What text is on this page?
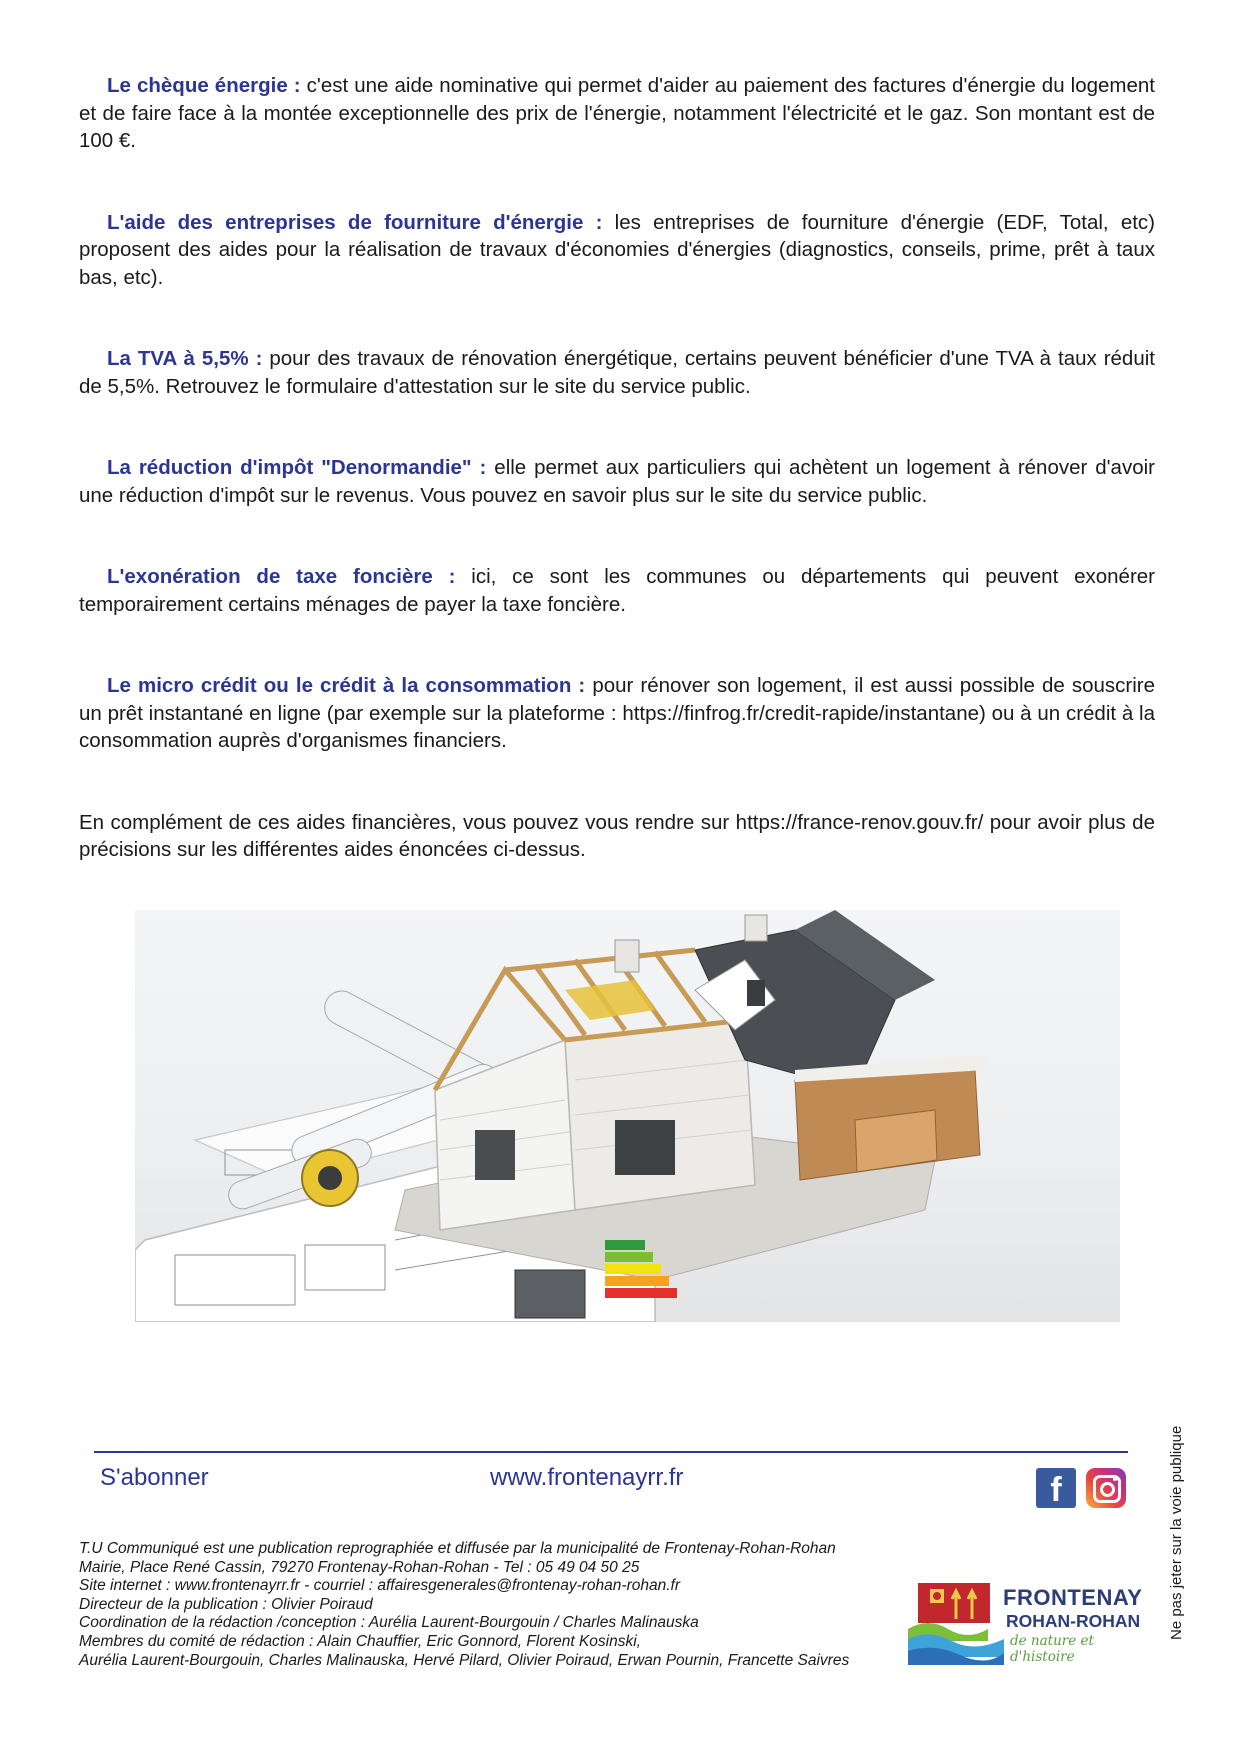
Le chèque énergie : c'est une aide nominative qui permet d'aider au paiement des factures d'énergie du logement et de faire face à la montée exceptionnelle des prix de l'énergie, notamment l'électricité et le gaz. Son montant est de 100 €.

L'aide des entreprises de fourniture d'énergie : les entreprises de fourniture d'énergie (EDF, Total, etc) proposent des aides pour la réalisation de travaux d'économies d'énergies (diagnostics, conseils, prime, prêt à taux bas, etc).

La TVA à 5,5% : pour des travaux de rénovation énergétique, certains peuvent bénéficier d'une TVA à taux réduit de 5,5%. Retrouvez le formulaire d'attestation sur le site du service public.

La réduction d'impôt "Denormandie" : elle permet aux particuliers qui achètent un logement à rénover d'avoir une réduction d'impôt sur le revenus. Vous pouvez en savoir plus sur le site du service public.

L'exonération de taxe foncière : ici, ce sont les communes ou départements qui peuvent exonérer temporairement certains ménages de payer la taxe foncière.

Le micro crédit ou le crédit à la consommation : pour rénover son logement, il est aussi possible de souscrire un prêt instantané en ligne (par exemple sur la plateforme : https://finfrog.fr/credit-rapide/instantane) ou à un crédit à la consommation auprès d'organismes financiers.

En complément de ces aides financières, vous pouvez vous rendre sur https://france-renov.gouv.fr/ pour avoir plus de précisions sur les différentes aides énoncées ci-dessus.

S'abonner	www.frontenayrr.fr	f
T.U Communiqué est une publication reprographiée et diffusée par la municipalité de Frontenay-Rohan-Rohan
Mairie, Place René Cassin, 79270 Frontenay-Rohan-Rohan - Tel : 05 49 04 50 25
Site internet : www.frontenayrr.fr - courriel : affairesgenerales@frontenay-rohan-rohan.fr
Directeur de la publication : Olivier Poiraud
Coordination de la rédaction /conception : Aurélia Laurent-Bourgouin / Charles Malinauska
Membres du comité de rédaction : Alain Chauffier, Eric Gonnord, Florent Kosinski,
Aurélia Laurent-Bourgouin, Charles Malinauska, Hervé Pilard, Olivier Poiraud, Erwan Pournin, Francette Saivres
FRONTENAY
ROHAN-ROHAN
de nature et d'histoire
Ne pas jeter sur la voie publique
